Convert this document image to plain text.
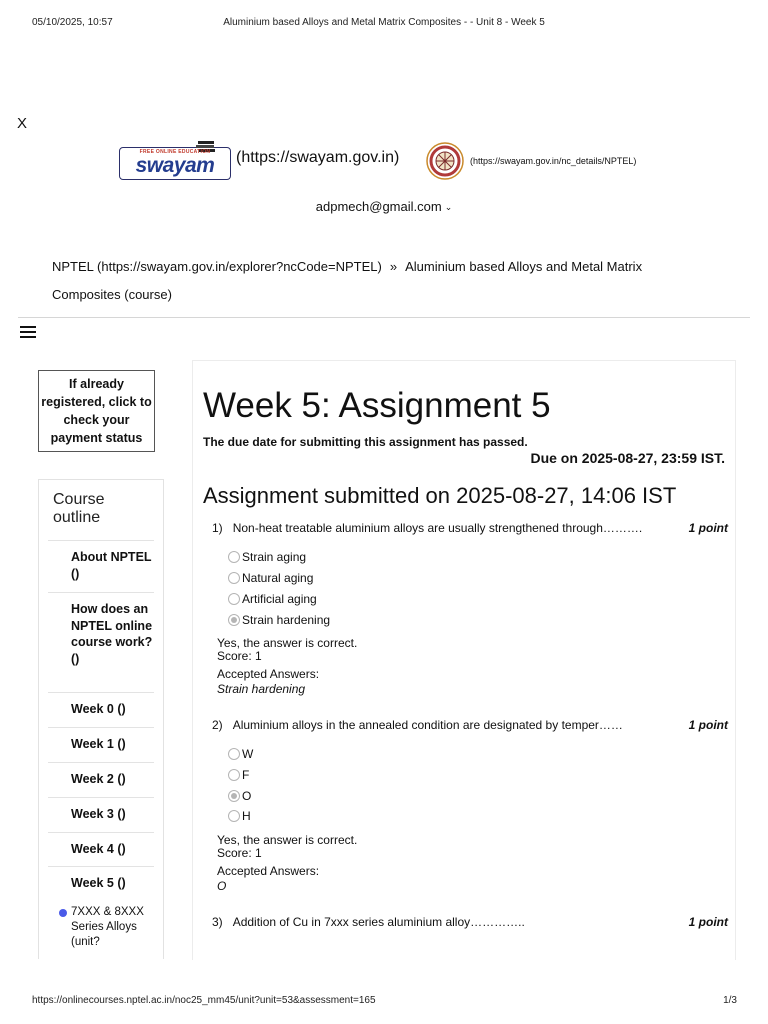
05/10/2025, 10:57	Aluminium based Alloys and Metal Matrix Composites - - Unit 8 - Week 5
X
FREE ONLINE EDUCATION
swayam	(https://swayam.gov.in)	(https://swayam.gov.in/nc_details/NPTEL)
adpmech@gmail.com ⌄
NPTEL (https://swayam.gov.in/explorer?ncCode=NPTEL) » Aluminium based Alloys and Metal Matrix Composites (course)
If already registered, click to check your payment status
Course outline
About NPTEL ()
How does an NPTEL online course work? ()
Week 0 ()
Week 1 ()
Week 2 ()
Week 3 ()
Week 4 ()
Week 5 ()
7XXX & 8XXX Series Alloys (unit?
Week 5: Assignment 5
The due date for submitting this assignment has passed.
Due on 2025-08-27, 23:59 IST.
Assignment submitted on 2025-08-27, 14:06 IST
1) Non-heat treatable aluminium alloys are usually strengthened through……….	1 point
Strain aging
Natural aging
Artificial aging
Strain hardening
Yes, the answer is correct.
Score: 1
Accepted Answers:
Strain hardening
2) Aluminium alloys in the annealed condition are designated by temper……	1 point
W
F
O
H
Yes, the answer is correct.
Score: 1
Accepted Answers:
O
3) Addition of Cu in 7xxx series aluminium alloy…………..	1 point
https://onlinecourses.nptel.ac.in/noc25_mm45/unit?unit=53&assessment=165	1/3
